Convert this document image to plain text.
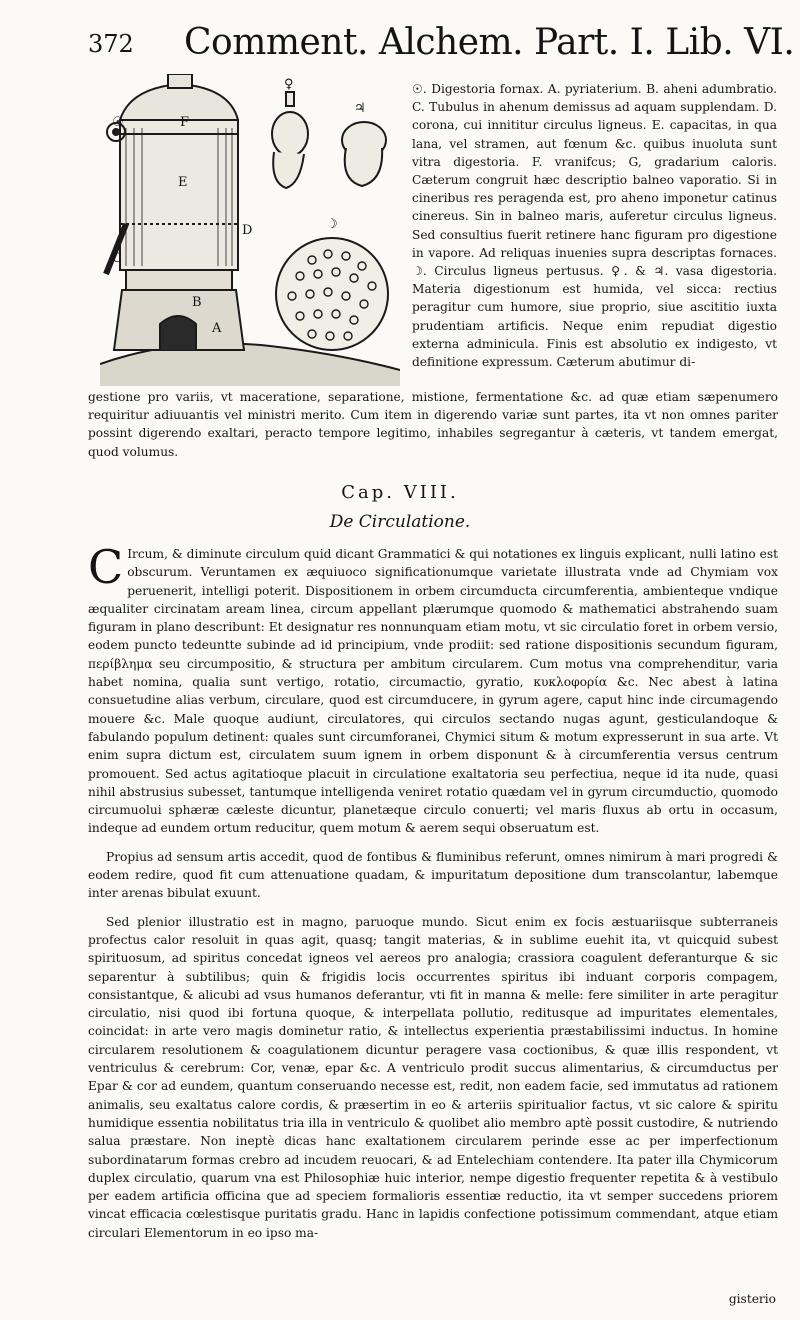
372 Comment. Alchem. Part. I. Lib. VI.
F
E
D
C
B
A
☉
♀
♃
☽
☉. Digestoria fornax. A. pyriaterium. B. aheni adumbratio. C. Tubulus in ahenum demissus ad aquam supplendam. D. corona, cui innititur circulus ligneus. E. capacitas, in qua lana, vel stramen, aut fœnum &c. quibus inuoluta sunt vitra digestoria. F. vranifcus; G, gradarium caloris. Cæterum congruit hæc descriptio balneo vaporatio. Si in cineribus res peragenda est, pro aheno imponetur catinus cinereus. Sin in balneo maris, auferetur circulus ligneus. Sed consultius fuerit retinere hanc figuram pro digestione in vapore. Ad reliquas inuenies supra descriptas fornaces. ☽. Circulus ligneus pertusus. ♀. & ♃. vasa digestoria. Materia digestionum est humida, vel sicca: rectius peragitur cum humore, siue proprio, siue ascititio iuxta prudentiam artificis. Neque enim repudiat digestio externa adminicula. Finis est absolutio ex indigesto, vt definitione expressum. Cæterum abutimur di-
gestione pro variis, vt maceratione, separatione, mistione, fermentatione &c. ad quæ etiam sæpenumero requiritur adiuuantis vel ministri merito. Cum item in digerendo variæ sunt partes, ita vt non omnes pariter possint digerendo exaltari, peracto tempore legitimo, inhabiles segregantur à cæteris, vt tandem emergat, quod volumus.
Cap. VIII.
De Circulatione.

C Ircum, & diminute circulum quid dicant Grammatici & qui notationes ex linguis explicant, nulli latino est obscurum. Veruntamen ex æquiuoco significationumque varietate illustrata vnde ad Chymiam vox peruenerit, intelligi poterit. Dispositionem in orbem circumducta circumferentia, ambienteque vndique æqualiter circinatam aream linea, circum appellant plærumque quomodo & mathematici abstrahendo suam figuram in plano describunt: Et designatur res nonnunquam etiam motu, vt sic circulatio foret in orbem versio, eodem puncto tedeuntte subinde ad id principium, vnde prodiit: sed ratione dispositionis secundum figuram, περίβλημα seu circumpositio, & structura per ambitum circularem. Cum motus vna comprehenditur, varia habet nomina, qualia sunt vertigo, rotatio, circumactio, gyratio, κυκλοφορία &c. Nec abest à latina consuetudine alias verbum, circulare, quod est circumducere, in gyrum agere, caput hinc inde circumagendo mouere &c. Male quoque audiunt, circulatores, qui circulos sectando nugas agunt, gesticulandoque & fabulando populum detinent: quales sunt circumforanei, Chymici situm & motum expresserunt in sua arte. Vt enim supra dictum est, circulatem suum ignem in orbem disponunt & à circumferentia versus centrum promouent. Sed actus agitatioque placuit in circulatione exaltatoria seu perfectiua, neque id ita nude, quasi nihil abstrusius subesset, tantumque intelligenda veniret rotatio quædam vel in gyrum circumductio, quomodo circumuolui sphæræ cæleste dicuntur, planetæque circulo conuerti; vel maris fluxus ab ortu in occasum, indeque ad eundem ortum reducitur, quem motum & aerem sequi obseruatum est.

Propius ad sensum artis accedit, quod de fontibus & fluminibus referunt, omnes nimirum à mari progredi & eodem redire, quod fit cum attenuatione quadam, & impuritatum depositione dum transcolantur, labemque inter arenas bibulat exuunt.

Sed plenior illustratio est in magno, paruoque mundo. Sicut enim ex focis æstuariisque subterraneis profectus calor resoluit in quas agit, quasq; tangit materias, & in sublime euehit ita, vt quicquid subest spirituosum, ad spiritus concedat igneos vel aereos pro analogia; crassiora coagulent deferanturque & sic separentur à subtilibus; quin & frigidis locis occurrentes spiritus ibi induant corporis compagem, consistantque, & alicubi ad vsus humanos deferantur, vti fit in manna & melle: fere similiter in arte peragitur circulatio, nisi quod ibi fortuna quoque, & interpellata pollutio, reditusque ad impuritates elementales, coincidat: in arte vero magis dominetur ratio, & intellectus experientia præstabilissimi inductus. In homine circularem resolutionem & coagulationem dicuntur peragere vasa coctionibus, & quæ illis respondent, vt ventriculus & cerebrum: Cor, venæ, epar &c. A ventriculo prodit succus alimentarius, & circumductus per Epar & cor ad eundem, quantum conseruando necesse est, redit, non eadem facie, sed immutatus ad rationem animalis, seu exaltatus calore cordis, & præsertim in eo & arteriis spiritualior factus, vt sic calore & spiritu humidique essentia nobilitatus tria illa in ventriculo & quolibet alio membro aptè possit custodire, & nutriendo salua præstare. Non ineptè dicas hanc exaltationem circularem perinde esse ac per imperfectionum subordinatarum formas crebro ad incudem reuocari, & ad Entelechiam contendere. Ita pater illa Chymicorum duplex circulatio, quarum vna est Philosophiæ huic interior, nempe digestio frequenter repetita & à vestibulo per eadem artificia officina que ad speciem formalioris essentiæ reductio, ita vt semper succedens priorem vincat efficacia cœlestisque puritatis gradu. Hanc in lapidis confectione potissimum commendant, atque etiam circulari Elementorum in eo ipso ma-

gisterio
